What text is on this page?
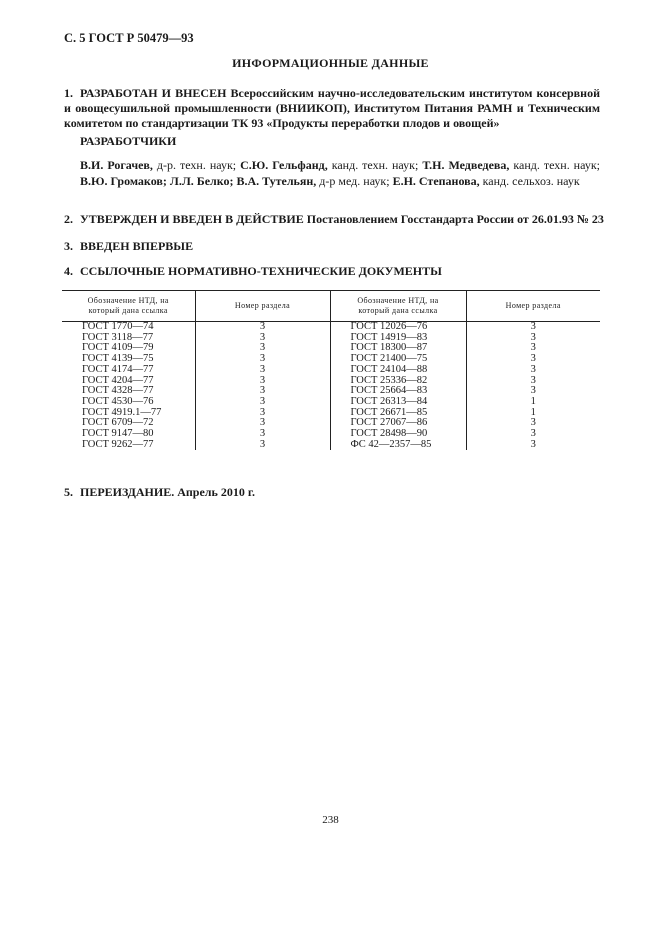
С. 5 ГОСТ Р 50479—93
ИНФОРМАЦИОННЫЕ ДАННЫЕ
1. РАЗРАБОТАН И ВНЕСЕН Всероссийским научно-исследовательским институтом консервной и овощесушильной промышленности (ВНИИКОП), Институтом Питания РАМН и Техническим комитетом по стандартизации ТК 93 «Продукты переработки плодов и овощей»
РАЗРАБОТЧИКИ
В.И. Рогачев, д-р. техн. наук; С.Ю. Гельфанд, канд. техн. наук; Т.Н. Медведева, канд. техн. наук; В.Ю. Громаков; Л.Л. Белко; В.А. Тутельян, д-р мед. наук; Е.Н. Степанова, канд. сельхоз. наук
2. УТВЕРЖДЕН И ВВЕДЕН В ДЕЙСТВИЕ Постановлением Госстандарта России от 26.01.93 № 23
3. ВВЕДЕН ВПЕРВЫЕ
4. ССЫЛОЧНЫЕ НОРМАТИВНО-ТЕХНИЧЕСКИЕ ДОКУМЕНТЫ
Обозначение НТД, на который дана ссылка	Номер раздела	Обозначение НТД, на который дана ссылка	Номер раздела
ГОСТ 1770—74	3	ГОСТ 12026—76	3
ГОСТ 3118—77	3	ГОСТ 14919—83	3
ГОСТ 4109—79	3	ГОСТ 18300—87	3
ГОСТ 4139—75	3	ГОСТ 21400—75	3
ГОСТ 4174—77	3	ГОСТ 24104—88	3
ГОСТ 4204—77	3	ГОСТ 25336—82	3
ГОСТ 4328—77	3	ГОСТ 25664—83	3
ГОСТ 4530—76	3	ГОСТ 26313—84	1
ГОСТ 4919.1—77	3	ГОСТ 26671—85	1
ГОСТ 6709—72	3	ГОСТ 27067—86	3
ГОСТ 9147—80	3	ГОСТ 28498—90	3
ГОСТ 9262—77	3	ФС 42—2357—85	3
5. ПЕРЕИЗДАНИЕ. Апрель 2010 г.
238
